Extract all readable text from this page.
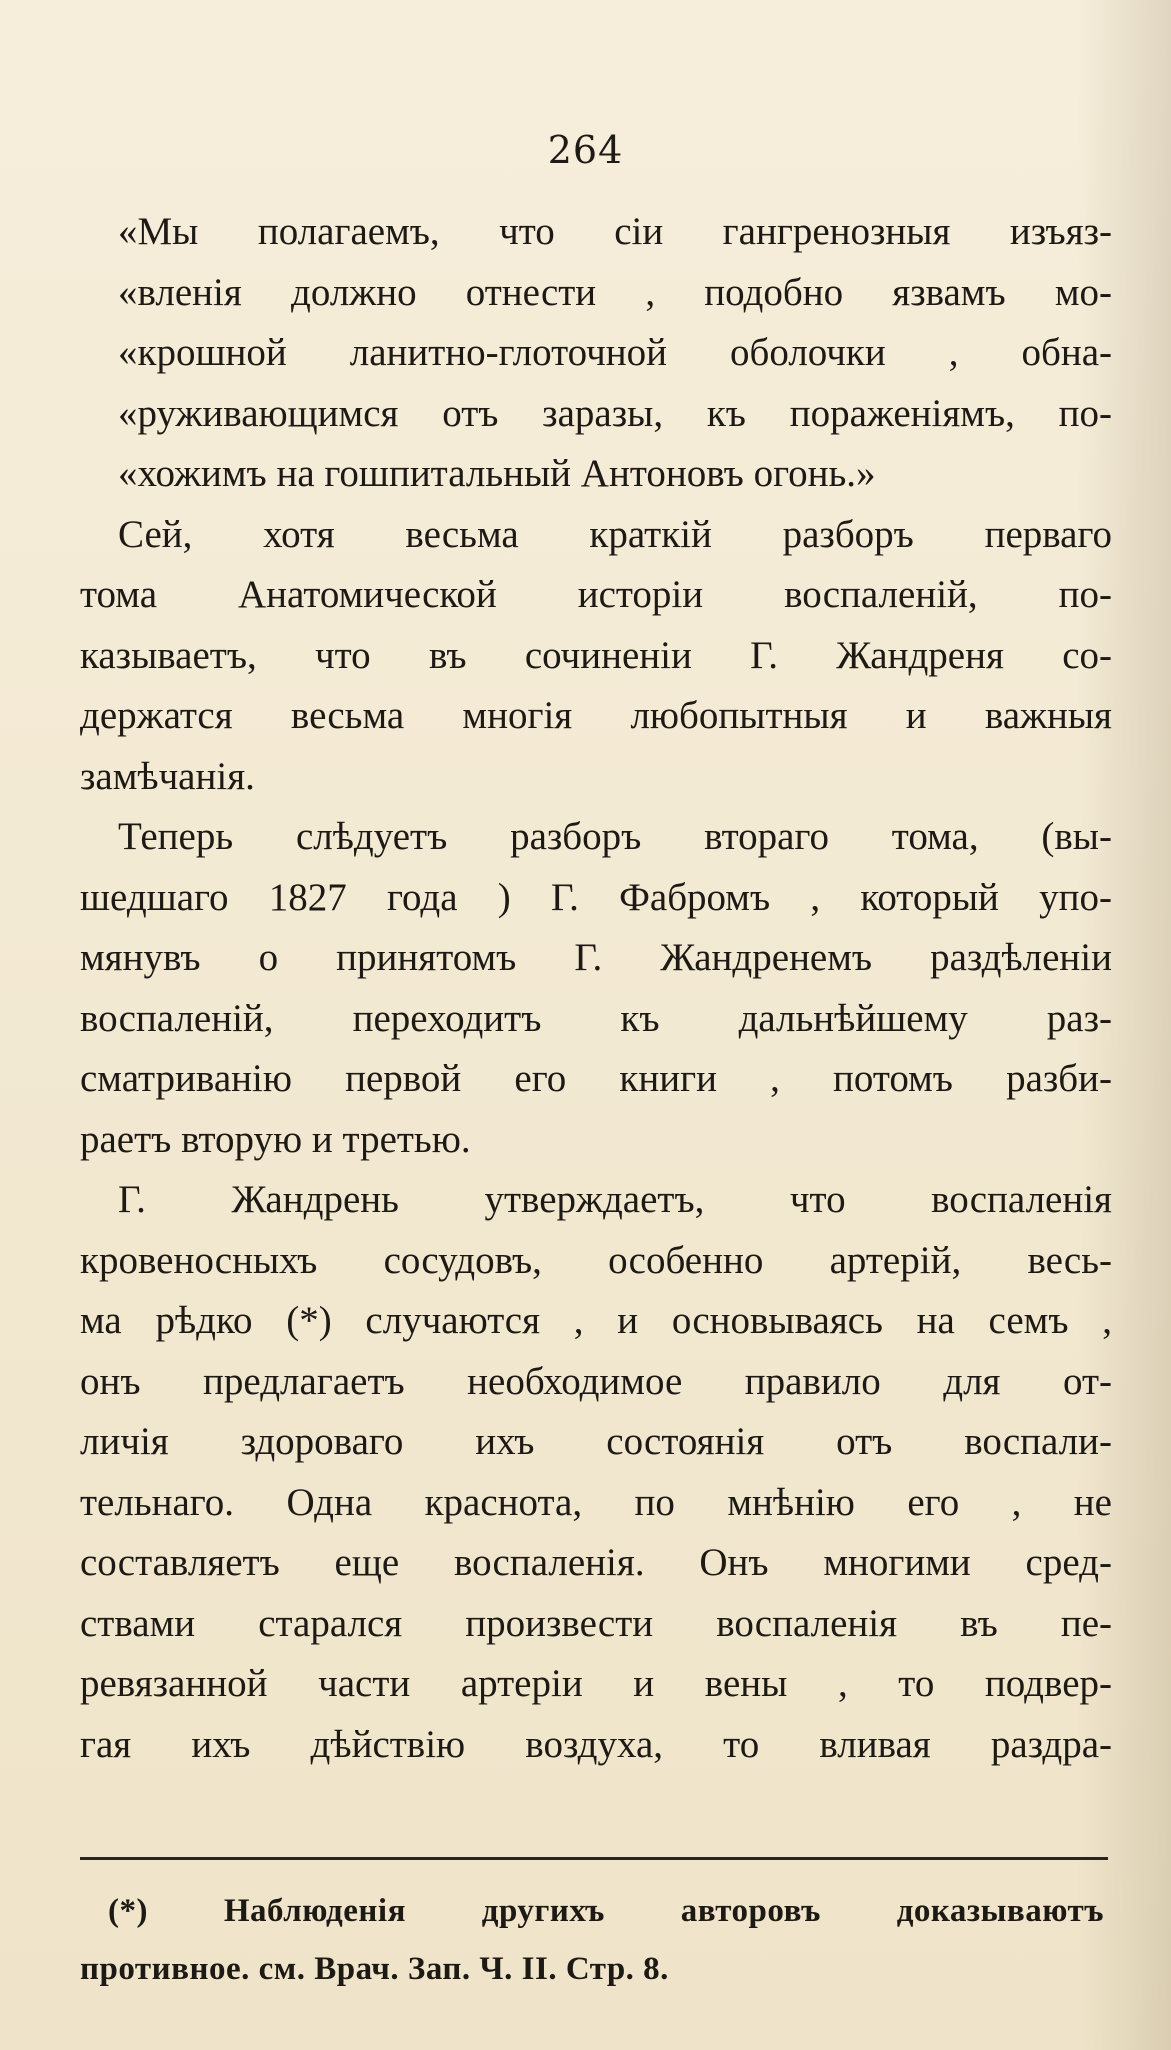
264
«Мы полагаемъ, что сіи гангренозныя изъяз-
«вленія должно отнести , подобно язвамъ мо-
«крошной ланитно-глоточной оболочки , обна-
«руживающимся отъ заразы, къ пораженіямъ, по-
«хожимъ на гошпитальный Антоновъ огонь.»
Сей, хотя весьма краткій разборъ перваго
тома Анатомической исторіи воспаленій, по-
казываетъ, что въ сочиненіи Г. Жандреня со-
держатся весьма многія любопытныя и важныя
замѣчанія.
Теперь слѣдуетъ разборъ втораго тома, (вы-
шедшаго 1827 года ) Г. Фабромъ , который упо-
мянувъ о принятомъ Г. Жандренемъ раздѣленіи
воспаленій, переходитъ къ дальнѣйшему раз-
сматриванію первой его книги , потомъ разби-
раетъ вторую и третью.
Г. Жандрень утверждаетъ, что воспаленія
кровеносныхъ сосудовъ, особенно артерій, весь-
ма рѣдко (*) случаются , и основываясь на семъ ,
онъ предлагаетъ необходимое правило для от-
личія здороваго ихъ состоянія отъ воспали-
тельнаго. Одна краснота, по мнѣнію его , не
составляетъ еще воспаленія. Онъ многими сред-
ствами старался произвести воспаленія въ пе-
ревязанной части артеріи и вены , то подвер-
гая ихъ дѣйствію воздуха, то вливая раздра-
(*) Наблюденія другихъ авторовъ доказываютъ
противное. см. Врач. Зап. Ч. II. Стр. 8.
